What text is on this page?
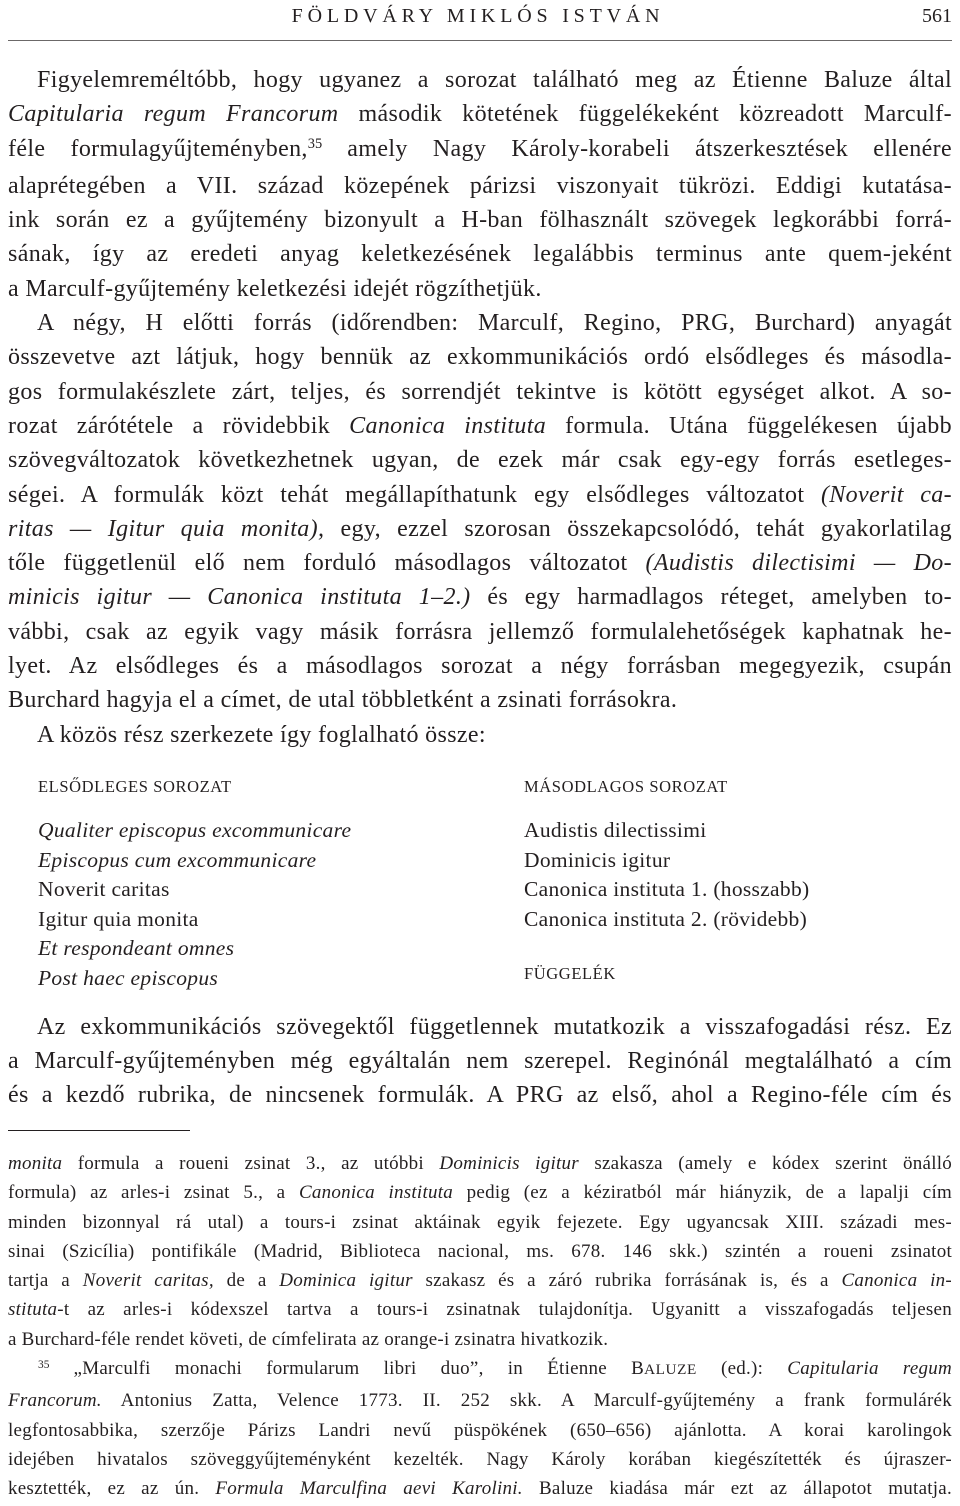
FÖLDVÁRY MIKLÓS ISTVÁN	561
Figyelemreméltóbb, hogy ugyanez a sorozat található meg az Étienne Baluze által
Capitularia regum Francorum második kötetének függelékeként közreadott Marculf-
féle formulagyűjteményben,$^{35}$ amely Nagy Károly-korabeli átszerkesztések ellenére
alaprétegében a VII. század közepének párizsi viszonyait tükrözi. Eddigi kutatása-
ink során ez a gyűjtemény bizonyult a H-ban fölhasznált szövegek legkorábbi forrá-
sának, így az eredeti anyag keletkezésének legalábbis terminus ante quem-jeként
a Marculf-gyűjtemény keletkezési idejét rögzíthetjük.
A négy, H előtti forrás (időrendben: Marculf, Regino, PRG, Burchard) anyagát
összevetve azt látjuk, hogy bennük az exkommunikációs ordó elsődleges és másodla-
gos formulakészlete zárt, teljes, és sorrendjét tekintve is kötött egységet alkot. A so-
rozat zárótétele a rövidebbik Canonica instituta formula. Utána függelékesen újabb
szövegváltozatok következhetnek ugyan, de ezek már csak egy-egy forrás esetleges-
ségei. A formulák közt tehát megállapíthatunk egy elsődleges változatot (Noverit ca-
ritas — Igitur quia monita), egy, ezzel szorosan összekapcsolódó, tehát gyakorlatilag
tőle függetlenül elő nem forduló másodlagos változatot (Audistis dilectisimi — Do-
minicis igitur — Canonica instituta 1–2.) és egy harmadlagos réteget, amelyben to-
vábbi, csak az egyik vagy másik forrásra jellemző formulalehetőségek kaphatnak he-
lyet. Az elsődleges és a másodlagos sorozat a négy forrásban megegyezik, csupán
Burchard hagyja el a címet, de utal többletként a zsinati forrásokra.
A közös rész szerkezete így foglalható össze:
ELSŐDLEGES SOROZAT
Qualiter episcopus excommunicare
Episcopus cum excommunicare
Noverit caritas
Igitur quia monita
Et respondeant omnes
Post haec episcopus
MÁSODLAGOS SOROZAT
Audistis dilectissimi
Dominicis igitur
Canonica instituta 1. (hosszabb)
Canonica instituta 2. (rövidebb)
FÜGGELÉK
Az exkommunikációs szövegektől függetlennek mutatkozik a visszafogadási rész. Ez
a Marculf-gyűjteményben még egyáltalán nem szerepel. Reginónál megtalálható a cím
és a kezdő rubrika, de nincsenek formulák. A PRG az első, ahol a Regino-féle cím és
monita formula a roueni zsinat 3., az utóbbi Dominicis igitur szakasza (amely e kódex szerint önálló
formula) az arles-i zsinat 5., a Canonica instituta pedig (ez a kéziratból már hiányzik, de a lapalji cím
minden bizonnyal rá utal) a tours-i zsinat aktáinak egyik fejezete. Egy ugyancsak XIII. századi mes-
sinai (Szicília) pontifikále (Madrid, Biblioteca nacional, ms. 678. 146 skk.) szintén a roueni zsinatot
tartja a Noverit caritas, de a Dominica igitur szakasz és a záró rubrika forrásának is, és a Canonica in-
stituta-t az arles-i kódexszel tartva a tours-i zsinatnak tulajdonítja. Ugyanitt a visszafogadás teljesen
a Burchard-féle rendet követi, de címfelirata az orange-i zsinatra hivatkozik.
$^{35}$ „Marculfi monachi formularum libri duo”, in Étienne BALUZE (ed.): Capitularia regum
Francorum. Antonius Zatta, Velence 1773. II. 252 skk. A Marculf-gyűjtemény a frank formulárék
legfontosabbika, szerzője Párizs Landri nevű püspökének (650–656) ajánlotta. A korai karolingok
idejében hivatalos szöveggyűjteményként kezelték. Nagy Károly korában kiegészítették és újraszer-
kesztették, ez az ún. Formula Marculfina aevi Karolini. Baluze kiadása már ezt az állapotot mutatja.
